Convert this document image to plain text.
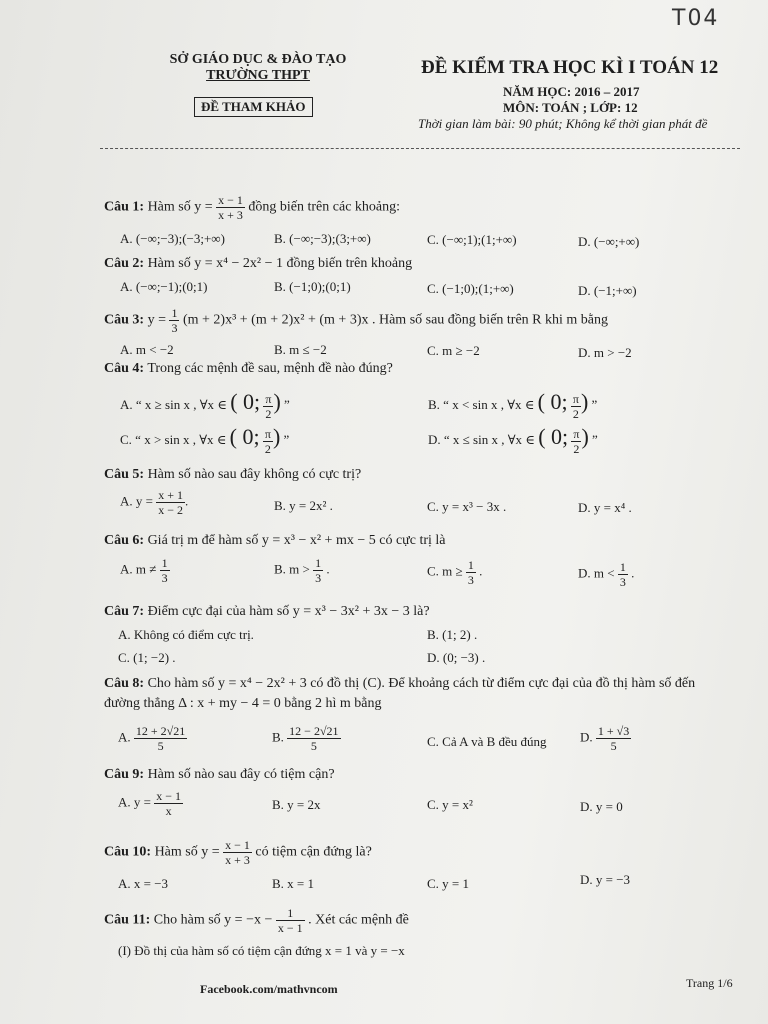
T04
SỞ GIÁO DỤC & ĐÀO TẠO
TRƯỜNG THPT
ĐỀ THAM KHẢO
ĐỀ KIỂM TRA HỌC KÌ I TOÁN 12
NĂM HỌC: 2016 – 2017
MÔN: TOÁN ; LỚP: 12
Thời gian làm bài: 90 phút; Không kể thời gian phát đề
Câu 1: Hàm số $y = \frac{x - 1}{x + 3}$ đồng biến trên các khoảng:
A. (−∞;−3);(−3;+∞)	B. (−∞;−3);(3;+∞)	C. (−∞;1);(1;+∞)	D. (−∞;+∞)
Câu 2: Hàm số y = x⁴ − 2x² − 1 đồng biến trên khoảng
A. (−∞;−1);(0;1)	B. (−1;0);(0;1)	C. (−1;0);(1;+∞)	D. (−1;+∞)
Câu 3: $y = \frac{1}{3} (m + 2)x^3 + (m + 2)x^2 + (m + 3)x$ . Hàm số sau đồng biến trên R khi m bằng
A. m < −2	B. m ≤ −2	C. m ≥ −2	D. m > −2
Câu 4: Trong các mệnh đề sau, mệnh đề nào đúng?
A. “ x ≥ sin x , ∀x ∈ ( 0; $\frac{\pi}{2}$ ) ”	B. “ x < sin x , ∀x ∈ ( 0; $\frac{\pi}{2}$ ) ”
C. “ x > sin x , ∀x ∈ ( 0; $\frac{\pi}{2}$ ) ”	D. “ x ≤ sin x , ∀x ∈ ( 0; $\frac{\pi}{2}$ ) ”
Câu 5: Hàm số nào sau đây không có cực trị?
A. $y = \frac{x + 1}{x - 2}$ .	B. y = 2x² .	C. y = x³ − 3x .	D. y = x⁴ .
Câu 6: Giá trị m để hàm số y = x³ − x² + mx − 5 có cực trị là
A. $m \ne \frac{1}{3}$	B. $m > \frac{1}{3}$ .	C. $m \ge \frac{1}{3}$ .	D. $m < \frac{1}{3}$ .
Câu 7: Điểm cực đại của hàm số y = x³ − 3x² + 3x − 3 là?
A. Không có điểm cực trị.	B. (1; 2) .
C. (1; −2) .	D. (0; −3) .
Câu 8: Cho hàm số y = x⁴ − 2x² + 3 có đồ thị (C). Để khoảng cách từ điểm cực đại của đồ thị hàm số đến
đường thẳng Δ : x + my − 4 = 0 bằng 2 hì m bằng
A. $\frac{12 + 2√21}{5}$	B. $\frac{12 - 2√21}{5}$	C. Cả A và B đều đúng	D. $\frac{1 + √3}{5}$
Câu 9: Hàm số nào sau đây có tiệm cận?
A. $y = \frac{x - 1}{x}$	B. y = 2x	C. y = x²	D. y = 0
Câu 10: Hàm số $y = \frac{x - 1}{x + 3}$ có tiệm cận đứng là?
A. x = −3	B. x = 1	C. y = 1	D. y = −3
Câu 11: Cho hàm số $y = -x - \frac{1}{x - 1}$ . Xét các mệnh đề
(I) Đồ thị của hàm số có tiệm cận đứng x = 1 và y = −x
Facebook.com/mathvncom	Trang 1/6
